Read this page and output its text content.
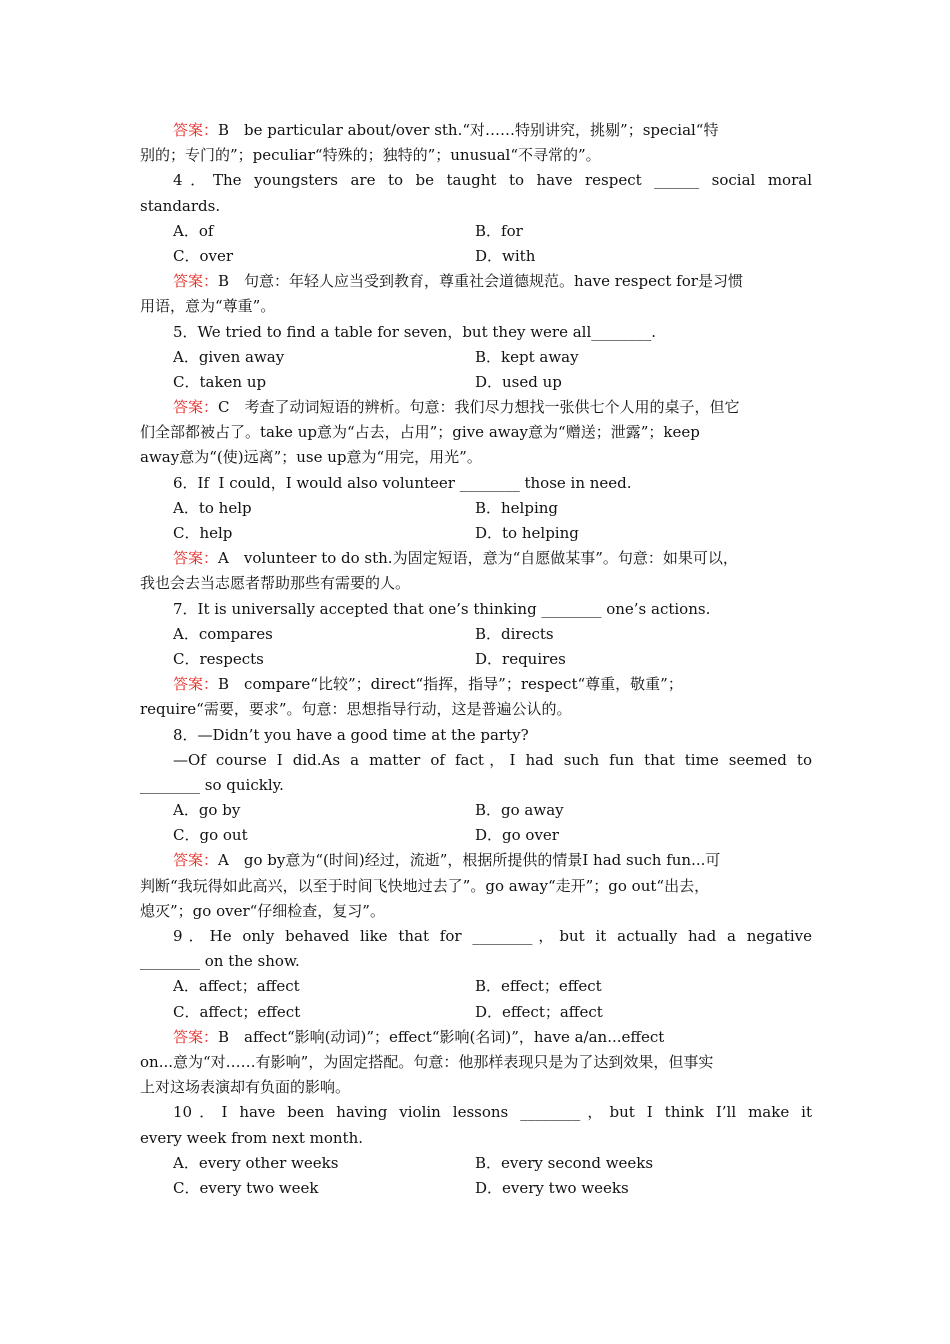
答案：B　be particular about/over sth.“对……特别讲究，挑剔”；special“特
别的；专门的”；peculiar“特殊的；独特的”；unusual“不寻常的”。
4．The youngsters are to be taught to have respect ______ social moral
standards.
A．of	B．for
C．over	D．with
答案：B　句意：年轻人应当受到教育，尊重社会道德规范。have respect for是习惯
用语，意为“尊重”。
5．We tried to find a table for seven，but they were all________.
A．given away	B．kept away
C．taken up	D．used up
答案：C　考查了动词短语的辨析。句意：我们尽力想找一张供七个人用的桌子，但它
们全部都被占了。take up意为“占去，占用”；give away意为“赠送；泄露”；keep
away意为“(使)远离”；use up意为“用完，用光”。
6．If  I could，I would also volunteer ________ those in need.
A．to help	B．helping
C．help	D．to helping
答案：A　volunteer to do sth.为固定短语，意为“自愿做某事”。句意：如果可以，
我也会去当志愿者帮助那些有需要的人。
7．It is universally accepted that one’s thinking ________ one’s actions.
A．compares	B．directs
C．respects	D．requires
答案：B　compare“比较”；direct“指挥，指导”；respect“尊重，敬重”；
require“需要，要求”。句意：思想指导行动，这是普遍公认的。
8．—Didn’t you have a good time at the party?
—Of course I did.As a matter of fact，I had such fun that time seemed to
________ so quickly.
A．go by	B．go away
C．go out	D．go over
答案：A　go by意为“(时间)经过，流逝”，根据所提供的情景I had such fun...可
判断“我玩得如此高兴，以至于时间飞快地过去了”。go away“走开”；go out“出去，
熄灭”；go over“仔细检查，复习”。
9．He only behaved like that for ________，but it actually had a negative
________ on the show.
A．affect；affect	B．effect；effect
C．affect；effect	D．effect；affect
答案：B　affect“影响(动词)”；effect“影响(名词)”，have a/an...effect
on...意为“对……有影响”，为固定搭配。句意：他那样表现只是为了达到效果，但事实
上对这场表演却有负面的影响。
10．I have been having violin lessons ________，but I think I’ll make it
every week from next month.
A．every other weeks	B．every second weeks
C．every two week	D．every two weeks
